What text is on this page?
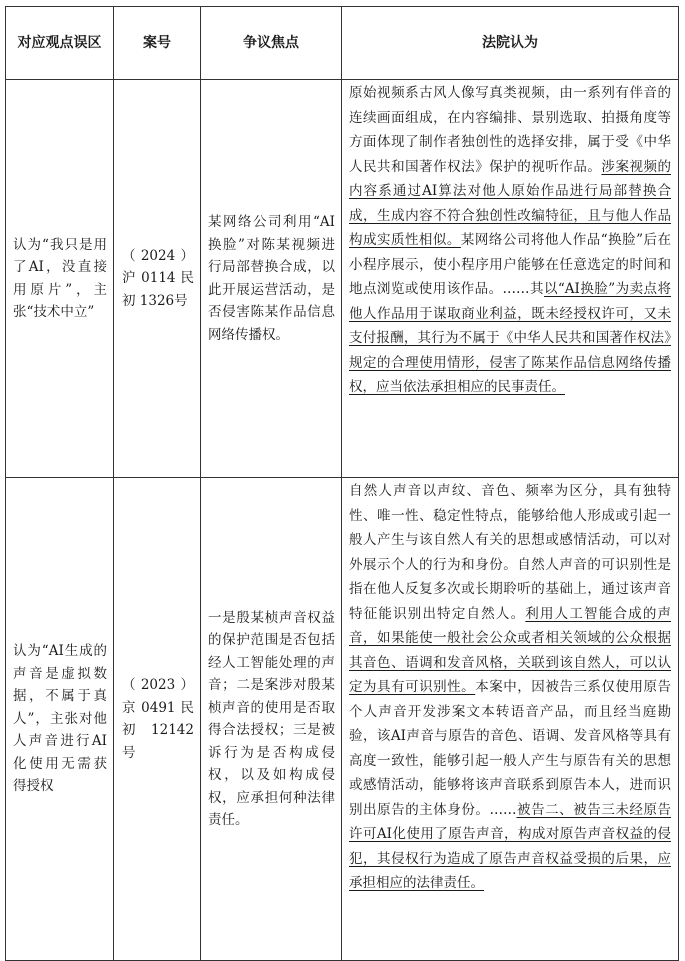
对应观点误区	案号	争议焦点	法院认为
认为“我只是用了AI，没直接用原片”，主张“技术中立”	（2024）沪 0114 民初 1326号	某网络公司利用“AI换脸”对陈某视频进行局部替换合成，以此开展运营活动，是否侵害陈某作品信息网络传播权。	原始视频系古风人像写真类视频，由一系列有伴音的连续画面组成，在内容编排、景别选取、拍摄角度等方面体现了制作者独创性的选择安排，属于受《中华人民共和国著作权法》保护的视听作品。涉案视频的内容系通过AI算法对他人原始作品进行局部替换合成，生成内容不符合独创性改编特征，且与他人作品构成实质性相似。某网络公司将他人作品“换脸”后在小程序展示，使小程序用户能够在任意选定的时间和地点浏览或使用该作品。……其以“AI换脸”为卖点将他人作品用于谋取商业利益，既未经授权许可，又未支付报酬，其行为不属于《中华人民共和国著作权法》规定的合理使用情形，侵害了陈某作品信息网络传播权，应当依法承担相应的民事责任。
认为“AI生成的声音是虚拟数据，不属于真人”，主张对他人声音进行AI化使用无需获得授权	（2023）京 0491 民初 12142号	一是殷某桢声音权益的保护范围是否包括经人工智能处理的声音；二是案涉对殷某桢声音的使用是否取得合法授权；三是被诉行为是否构成侵权，以及如构成侵权，应承担何种法律责任。	自然人声音以声纹、音色、频率为区分，具有独特性、唯一性、稳定性特点，能够给他人形成或引起一般人产生与该自然人有关的思想或感情活动，可以对外展示个人的行为和身份。自然人声音的可识别性是指在他人反复多次或长期聆听的基础上，通过该声音特征能识别出特定自然人。利用人工智能合成的声音，如果能使一般社会公众或者相关领域的公众根据其音色、语调和发音风格，关联到该自然人，可以认定为具有可识别性。本案中，因被告三系仅使用原告个人声音开发涉案文本转语音产品，而且经当庭勘验，该AI声音与原告的音色、语调、发音风格等具有高度一致性，能够引起一般人产生与原告有关的思想或感情活动，能够将该声音联系到原告本人，进而识别出原告的主体身份。……被告二、被告三未经原告许可AI化使用了原告声音，构成对原告声音权益的侵犯，其侵权行为造成了原告声音权益受损的后果，应承担相应的法律责任。
